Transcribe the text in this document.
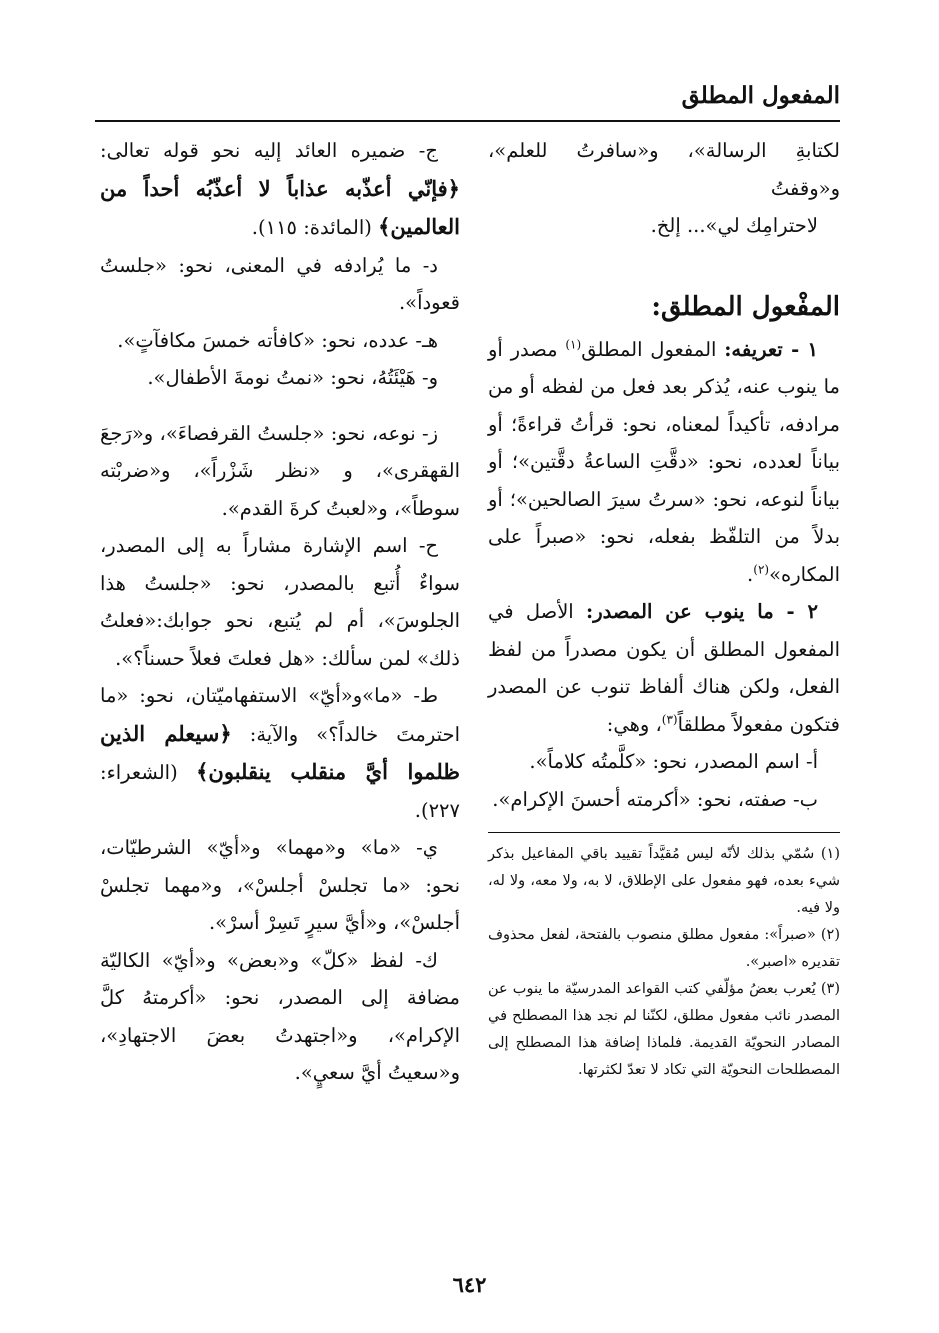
المفعول المطلق

لكتابةِ الرسالة»، و«سافرتُ للعلم»، و«وقفتُ

لاحترامِك لي»... إلخ.

المفْعول المطلق:

١ - تعريفه: المفعول المطلق$^{(١)}$ مصدر أو ما ينوب عنه، يُذكر بعد فعل من لفظه أو من مرادفه، تأكيداً لمعناه، نحو: قرأتُ قراءةً؛ أو بياناً لعدده، نحو: «دقَّتِ الساعةُ دقَّتين»؛ أو بياناً لنوعه، نحو: «سرتُ سيرَ الصالحين»؛ أو بدلاً من التلفّظ بفعله، نحو: «صبراً على المكاره»$^{(٢)}$.

٢ - ما ينوب عن المصدر: الأصل في المفعول المطلق أن يكون مصدراً من لفظ الفعل، ولكن هناك ألفاظ تنوب عن المصدر فتكون مفعولاً مطلقاً$^{(٣)}$، وهي:

أ- اسم المصدر، نحو: «كلَّمتُه كلاماً».

ب- صفته، نحو: «أكرمته أحسنَ الإكرام».

(١) سُمّي بذلك لأنّه ليس مُقيَّداً تقييد باقي المفاعيل بذكر شيء بعده، فهو مفعول على الإطلاق، لا به، ولا معه، ولا له، ولا فيه.

(٢) «صبراً»: مفعول مطلق منصوب بالفتحة، لفعل محذوف تقديره «اصبر».

(٣) يُعرب بعضُ مؤلّفي كتب القواعد المدرسيّة ما ينوب عن المصدر نائب مفعول مطلق، لكنّنا لم نجد هذا المصطلح في المصادر النحويّة القديمة. فلماذا إضافة هذا المصطلح إلى المصطلحات النحويّة التي تكاد لا تعدّ لكثرتها.

ج- ضميره العائد إليه نحو قوله تعالى: ﴿فإنّي أعذّبه عذاباً لا أعذّبُه أحداً من العالمين﴾ (المائدة: ١١٥).

د- ما يُرادفه في المعنى، نحو: «جلستُ قعوداً».

هـ- عدده، نحو: «كافأته خمسَ مكافآتٍ».

و- هَيْئَتُهُ، نحو: «نمتُ نومةَ الأطفال».

ز- نوعه، نحو: «جلستُ القرفصاءَ»، و«رَجعَ القهقرى»، و «نظر شَزْراً»، و«ضربْته سوطاً»، و«لعبتُ كرةَ القدم».

ح- اسم الإشارة مشاراً به إلى المصدر، سواءٌ أُتبع بالمصدر، نحو: «جلستُ هذا الجلوسَ»، أم لم يُتبع، نحو جوابك:«فعلتُ ذلك» لمن سألك: «هل فعلتَ فعلاً حسناً؟».

ط- «ما»و«أيّ» الاستفهاميّتان، نحو: «ما احترمتَ خالداً؟» والآية: ﴿سيعلم الذين ظلموا أيَّ منقلب ينقلبون﴾ (الشعراء: ٢٢٧).

ي- «ما» و«مهما» و«أيّ» الشرطيّات، نحو: «ما تجلسْ أجلسْ»، و«مهما تجلسْ أجلسْ»، و«أيَّ سيرٍ تَسِرْ أسرْ».

ك- لفظ «كلّ» و«بعض» و«أيّ» الكاليّة مضافة إلى المصدر، نحو: «أكرمتهُ كلَّ الإكرام»، و«اجتهدتُ بعضَ الاجتهادِ»، و«سعيتُ أيَّ سعيٍ».

٦٤٢
